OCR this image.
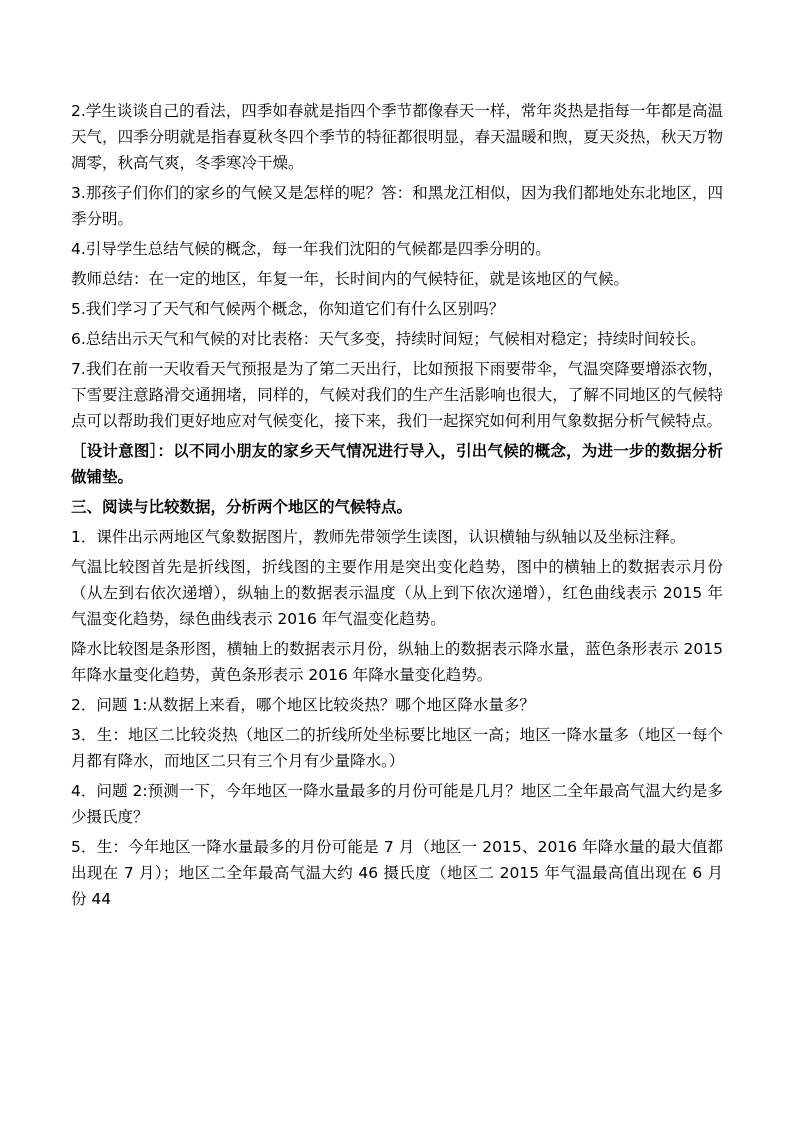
2.学生谈谈自己的看法，四季如春就是指四个季节都像春天一样，常年炎热是指每一年都是高温天气，四季分明就是指春夏秋冬四个季节的特征都很明显，春天温暖和煦，夏天炎热，秋天万物凋零，秋高气爽，冬季寒冷干燥。

3.那孩子们你们的家乡的气候又是怎样的呢？答：和黑龙江相似，因为我们都地处东北地区，四季分明。

4.引导学生总结气候的概念，每一年我们沈阳的气候都是四季分明的。

教师总结：在一定的地区，年复一年，长时间内的气候特征，就是该地区的气候。

5.我们学习了天气和气候两个概念，你知道它们有什么区别吗？

6.总结出示天气和气候的对比表格：天气多变，持续时间短；气候相对稳定；持续时间较长。

7.我们在前一天收看天气预报是为了第二天出行，比如预报下雨要带伞，气温突降要增添衣物，下雪要注意路滑交通拥堵，同样的，气候对我们的生产生活影响也很大，了解不同地区的气候特点可以帮助我们更好地应对气候变化，接下来，我们一起探究如何利用气象数据分析气候特点。

［设计意图］：以不同小朋友的家乡天气情况进行导入，引出气候的概念，为进一步的数据分析做铺垫。

三、阅读与比较数据，分析两个地区的气候特点。

1．课件出示两地区气象数据图片，教师先带领学生读图，认识横轴与纵轴以及坐标注释。

气温比较图首先是折线图，折线图的主要作用是突出变化趋势，图中的横轴上的数据表示月份（从左到右依次递增），纵轴上的数据表示温度（从上到下依次递增），红色曲线表示 2015 年气温变化趋势，绿色曲线表示 2016 年气温变化趋势。

降水比较图是条形图，横轴上的数据表示月份，纵轴上的数据表示降水量，蓝色条形表示 2015 年降水量变化趋势，黄色条形表示 2016 年降水量变化趋势。

2．问题 1:从数据上来看，哪个地区比较炎热？哪个地区降水量多？

3．生：地区二比较炎热（地区二的折线所处坐标要比地区一高；地区一降水量多（地区一每个月都有降水，而地区二只有三个月有少量降水。）

4．问题 2:预测一下，今年地区一降水量最多的月份可能是几月？地区二全年最高气温大约是多少摄氏度？

5．生：今年地区一降水量最多的月份可能是 7 月（地区一 2015、2016 年降水量的最大值都出现在 7 月）；地区二全年最高气温大约 46 摄氏度（地区二 2015 年气温最高值出现在 6 月份 44
